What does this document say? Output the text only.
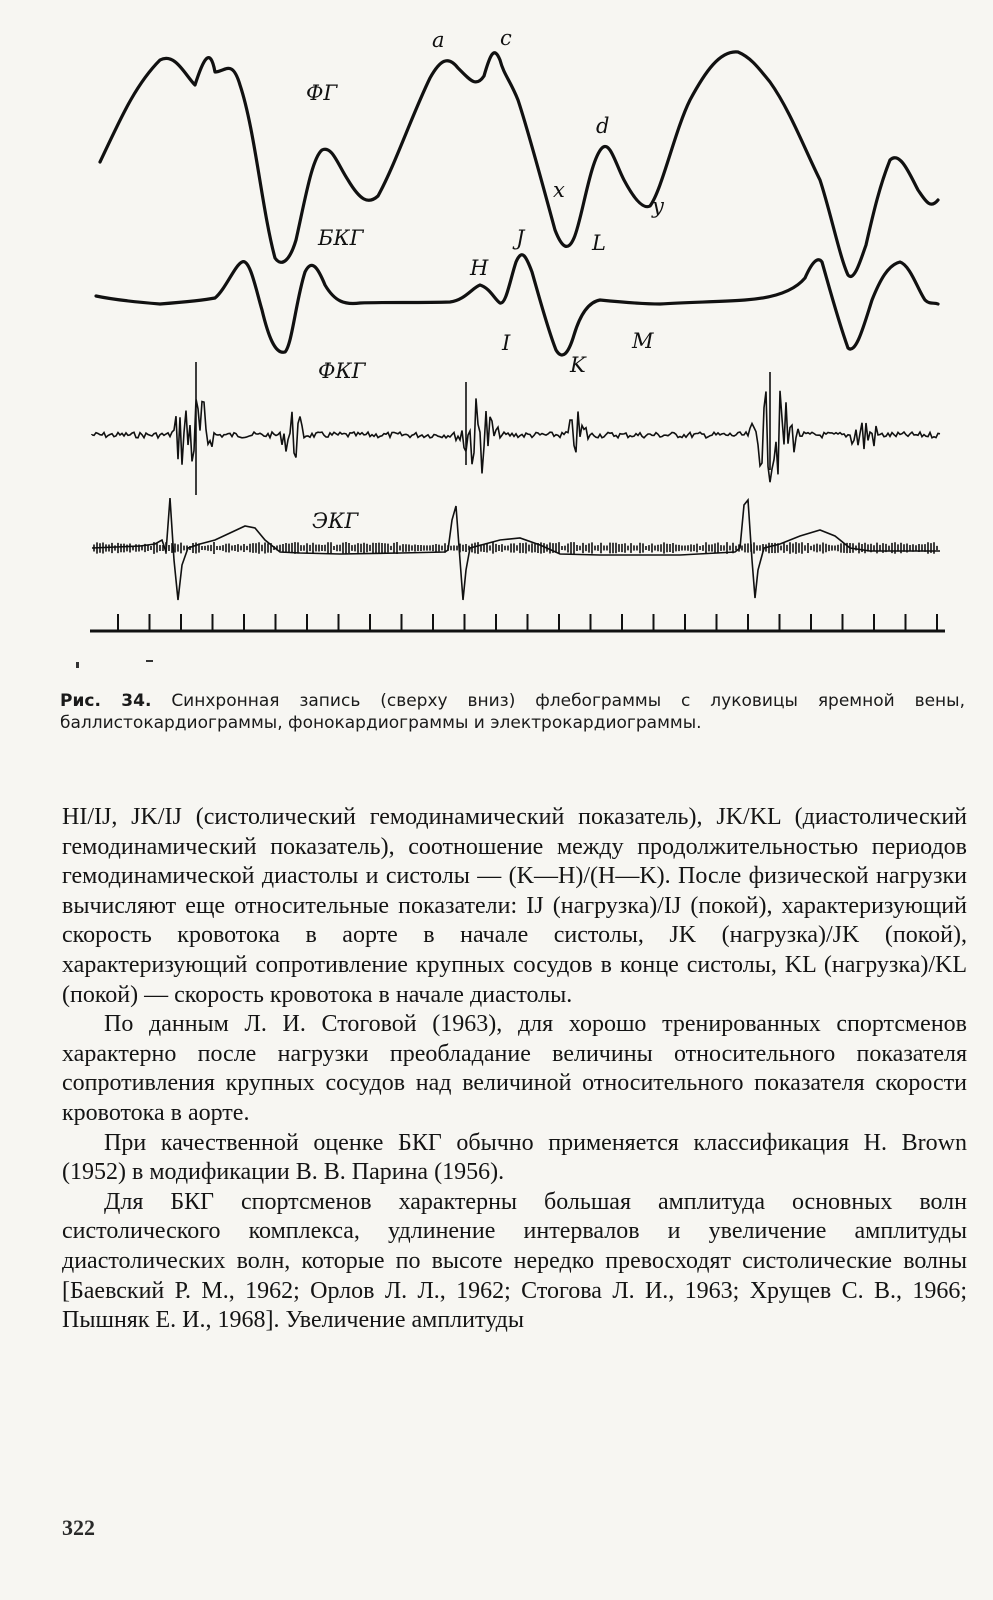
ФГ
БКГ
ФКГ
ЭКГ
a	c
d
x
y
H
J
I
L
K
M
Рис. 34. Синхронная запись (сверху вниз) флебограммы с луковицы яремной вены, баллистокардиограммы, фонокардиограммы и электрокардиограммы.

HI/IJ, JK/IJ (систолический гемодинамический показатель), JK/KL (диастолический гемодинамический показатель), соотношение между продолжительностью периодов гемодинамической диастолы и систолы — (K—H)/(H—K). После физической нагрузки вычисляют еще относительные показатели: IJ (нагрузка)/IJ (покой), характеризующий скорость кровотока в аорте в начале систолы, JK (нагрузка)/JK (покой), характеризующий сопротивление крупных сосудов в конце систолы, KL (нагрузка)/KL (покой) — скорость кровотока в начале диастолы.

По данным Л. И. Стоговой (1963), для хорошо тренированных спортсменов характерно после нагрузки преобладание величины относительного показателя сопротивления крупных сосудов над величиной относительного показателя скорости кровотока в аорте.

При качественной оценке БКГ обычно применяется классификация H. Brown (1952) в модификации В. В. Парина (1956).

Для БКГ спортсменов характерны большая амплитуда основных волн систолического комплекса, удлинение интервалов и увеличение амплитуды диастолических волн, которые по высоте нередко превосходят систолические волны [Баевский Р. М., 1962; Орлов Л. Л., 1962; Стогова Л. И., 1963; Хрущев С. В., 1966; Пышняк Е. И., 1968]. Увеличение амплитуды

322
